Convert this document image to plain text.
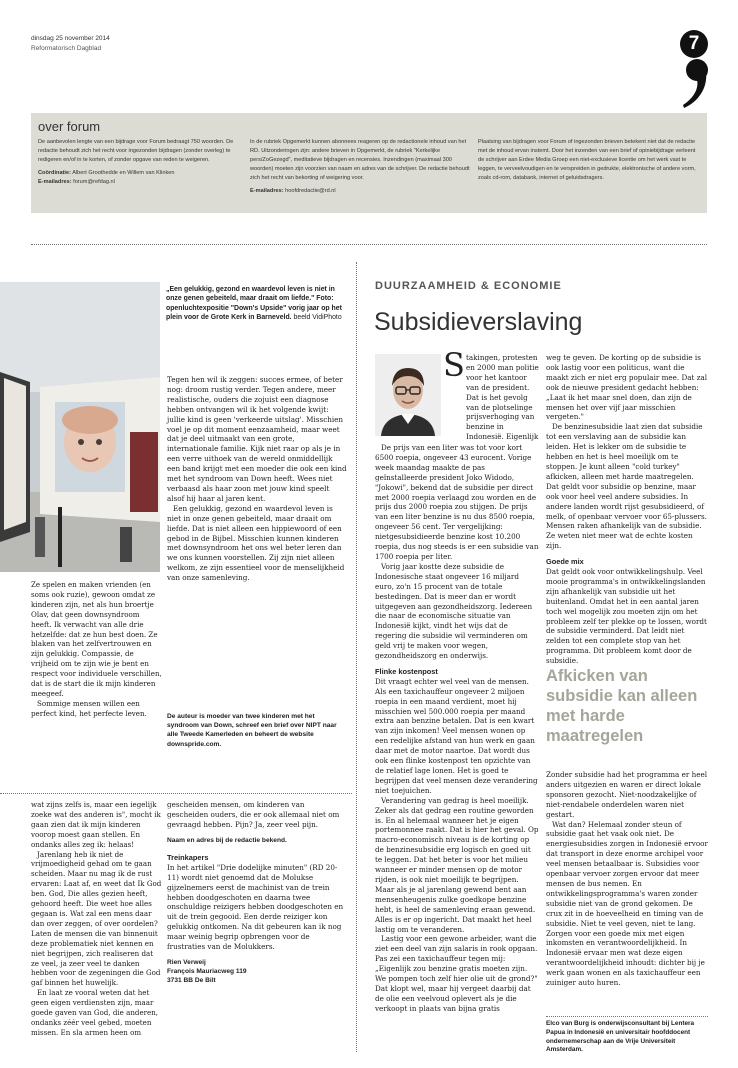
dinsdag 25 november 2014
Reformatorisch Dagblad	7
over forum
De aanbevolen lengte van een bijdrage voor Forum bedraagt 750 woorden. De redactie behoudt zich het recht voor ingezonden bijdragen (zonder overleg) te redigeren en/of in te korten, of zonder opgave van reden te weigeren.
Coördinatie: Albert Groothedde en Willem van Klinken
E-mailadres: forum@refdag.nl
In de rubriek Opgemerkt kunnen abonnees reageren op de redactionele inhoud van het RD. Uitzonderingen zijn: andere brieven in Opgemerkt, de rubriek "Kerkelijke pers/ZoGezegd", meditatieve bijdragen en recensies. Inzendingen (maximaal 300 woorden) moeten zijn voorzien van naam en adres van de schrijver. De redactie behoudt zich het recht van bekorting of weigering voor.
E-mailadres: hoofdredactie@rd.nl
Plaatsing van bijdragen voor Forum of ingezonden brieven betekent niet dat de redactie met de inhoud ervan instemt. Door het inzenden van een brief of opiniebijdrage verleent de schrijver aan Erdee Media Groep een niet-exclusieve licentie om het werk vast te leggen, te verveelvoudigen en te verspreiden in gedrukte, elektronische of andere vorm, zoals cd-rom, databank, internet of geluidsdragers.
„Een gelukkig, gezond en waardevol leven is niet in onze genen gebeiteld, maar draait om liefde." Foto: openluchtexpositie "Down's Upside" vorig jaar op het plein voor de Grote Kerk in Barneveld. beeld VidiPhoto

Ze spelen en maken vrienden (en soms ook ruzie), gewoon omdat ze kinderen zijn, net als hun broertje Olav, dat geen downsyndroom heeft. Ik verwacht van alle drie hetzelfde: dat ze hun best doen. Ze blaken van het zelfvertrouwen en zijn gelukkig. Compassie, de vrijheid om te zijn wie je bent en respect voor individuele verschillen, dat is de start die ik mijn kinderen meegeef.

Sommige mensen willen een perfect kind, het perfecte leven.

Tegen hen wil ik zeggen: succes ermee, of beter nog: droom rustig verder. Tegen andere, meer realistische, ouders die zojuist een diagnose hebben ontvangen wil ik het volgende kwijt: jullie kind is geen 'verkeerde uitslag'. Misschien voel je op dit moment eenzaamheid, maar weet dat je deel uitmaakt van een grote, internationale familie. Kijk niet raar op als je in een verre uithoek van de wereld onmiddellijk een band krijgt met een moeder die ook een kind met het syndroom van Down heeft. Wees niet verbaasd als haar zoon met jouw kind speelt alsof hij haar al jaren kent.

Een gelukkig, gezond en waardevol leven is niet in onze genen gebeiteld, maar draait om liefde. Dat is niet alleen een hippiewoord of een gebod in de Bijbel. Misschien kunnen kinderen met downsyndroom het ons wel beter leren dan we ons kunnen voorstellen. Zij zijn niet alleen welkom, ze zijn essentieel voor de menselijkheid van onze samenleving.

De auteur is moeder van twee kinderen met het syndroom van Down, schreef een brief over NIPT naar alle Tweede Kamerleden en beheert de website downspride.com.

wat zijns zelfs is, maar een iegelijk zoeke wat des anderen is", mocht ik gaan zien dat ik mijn kinderen voorop moest gaan stellen. En ondanks alles zeg ik: helaas!

Jarenlang heb ik niet de vrijmoedigheid gehad om te gaan scheiden. Maar nu mag ik de rust ervaren: Laat af, en weet dat Ik God ben. God, Die alles gezien heeft, gehoord heeft. Die weet hoe alles gegaan is. Wat zal een mens daar dan over zeggen, of over oordelen? Laten de mensen die van binnenuit deze problematiek niet kennen en niet begrijpen, zich realiseren dat ze veel, ja zeer veel te danken hebben voor de zegeningen die God gaf binnen het huwelijk.

En laat ze vooral weten dat het geen eigen verdiensten zijn, maar goede gaven van God, die anderen, ondanks zéér veel gebed, moeten missen. En sla armen heen om

gescheiden mensen, om kinderen van gescheiden ouders, die er ook allemaal niet om gevraagd hebben. Pijn? Ja, zeer veel pijn.

Naam en adres bij de redactie bekend.

Treinkapers

In het artikel "Drie dodelijke minuten" (RD 20-11) wordt niet genoemd dat de Molukse gijzelnemers eerst de machinist van de trein hebben doodgeschoten en daarna twee onschuldige reizigers hebben doodgeschoten en uit de trein gegooid. Een derde reiziger kon gelukkig ontkomen. Na dit gebeuren kan ik nog maar weinig begrip opbrengen voor de frustraties van de Molukkers.

Rien Verweij

François Mauriacweg 119

3731 BB De Bilt

DUURZAAMHEID & ECONOMIE
Subsidieverslaving
S takingen, protesten en 2000 man politie voor het kantoor van de president. Dat is het gevolg van de plotselinge prijsverhoging van benzine in Indonesië. Eigenlijk

De prijs van een liter was tot voor kort 6500 roepia, ongeveer 43 eurocent. Vorige week maandag maakte de pas geïnstalleerde president Joko Widodo, "Jokowi", bekend dat de subsidie per direct met 2000 roepia verlaagd zou worden en de prijs dus 2000 roepia zou stijgen. De prijs van een liter benzine is nu dus 8500 roepia, ongeveer 56 cent. Ter vergelijking: nietgesubsidieerde benzine kost 10.200 roepia, dus nog steeds is er een subsidie van 1700 roepia per liter.

Vorig jaar kostte deze subsidie de Indonesische staat ongeveer 16 miljard euro, zo'n 15 procent van de totale bestedingen. Dat is meer dan er wordt uitgegeven aan gezondheidszorg. Iedereen die naar de economische situatie van Indonesië kijkt, vindt het wijs dat de regering die subsidie wil verminderen om geld vrij te maken voor wegen, gezondheidszorg en onderwijs.

Flinke kostenpost

Dit vraagt echter wel veel van de mensen. Als een taxichauffeur ongeveer 2 miljoen roepia in een maand verdient, moet hij misschien wel 500.000 roepia per maand extra aan benzine betalen. Dat is een kwart van zijn inkomen! Veel mensen wonen op een redelijke afstand van hun werk en gaan daar met de motor naartoe. Dat wordt dus ook een flinke kostenpost ten opzichte van de relatief lage lonen. Het is goed te begrijpen dat veel mensen deze verandering niet toejuichen.

Verandering van gedrag is heel moeilijk. Zeker als dat gedrag een routine geworden is. En al helemaal wanneer het je eigen portemonnee raakt. Dat is hier het geval. Op macro-economisch niveau is de korting op de benzinesubsidie erg logisch en goed uit te leggen. Dat het beter is voor het milieu wanneer er minder mensen op de motor rijden, is ook niet moeilijk te begrijpen. Maar als je al jarenlang gewend bent aan mensenheugenis zulke goedkope benzine hebt, is heel de samenleving eraan gewend. Alles is er op ingericht. Dat maakt het heel lastig om te veranderen.

Lastig voor een gewone arbeider, want die ziet een deel van zijn salaris in rook opgaan. Pas zei een taxichauffeur tegen mij: „Eigenlijk zou benzine gratis moeten zijn. We pompen toch zelf hier olie uit de grond?" Dat klopt wel, maar hij vergeet daarbij dat de olie een veelvoud oplevert als je die verkoopt in plaats van bijna gratis

weg te geven. De korting op de subsidie is ook lastig voor een politicus, want die maakt zich er niet erg populair mee. Dat zal ook de nieuwe president gedacht hebben: „Laat ik het maar snel doen, dan zijn de mensen het over vijf jaar misschien vergeten."

De benzinesubsidie laat zien dat subsidie tot een verslaving aan de subsidie kan leiden. Het is lekker om de subsidie te hebben en het is heel moeilijk om te stoppen. Je kunt alleen "cold turkey" afkicken, alleen met harde maatregelen. Dat geldt voor subsidie op benzine, maar ook voor heel veel andere subsidies. In andere landen wordt rijst gesubsidieerd, of melk, of openbaar vervoer voor 65-plussers. Mensen raken afhankelijk van de subsidie. Ze weten niet meer wat de echte kosten zijn.

Goede mix

Dat geldt ook voor ontwikkelingshulp. Veel mooie programma's in ontwikkelingslanden zijn afhankelijk van subsidie uit het buitenland. Omdat het in een aantal jaren toch wel mogelijk zou moeten zijn om het probleem zelf ter plekke op te lossen, wordt de subsidie verminderd. Dat leidt niet zelden tot een complete stop van het programma. Dit probleem komt door de subsidie.

Afkicken van subsidie kan alleen met harde maatregelen

Zonder subsidie had het programma er heel anders uitgezien en waren er direct lokale sponsoren gezocht. Niet-noodzakelijke of niet-rendabele onderdelen waren niet gestart.

Wat dan? Helemaal zonder steun of subsidie gaat het vaak ook niet. De energiesubsidies zorgen in Indonesië ervoor dat transport in deze enorme archipel voor veel mensen betaalbaar is. Subsidies voor openbaar vervoer zorgen ervoor dat meer mensen de bus nemen. En ontwikkelingsprogramma's waren zonder subsidie niet van de grond gekomen. De crux zit in de hoeveelheid en timing van de subsidie. Niet te veel geven, niet te lang. Zorgen voor een goede mix met eigen inkomsten en verantwoordelijkheid. In Indonesië ervaar men wat deze eigen verantwoordelijkheid inhoudt: dichter bij je werk gaan wonen en als taxichauffeur een zuiniger auto huren.

Elco van Burg is onderwijsconsultant bij Lentera Papua in Indonesië en universitair hoofddocent ondernemerschap aan de Vrije Universiteit Amsterdam.
